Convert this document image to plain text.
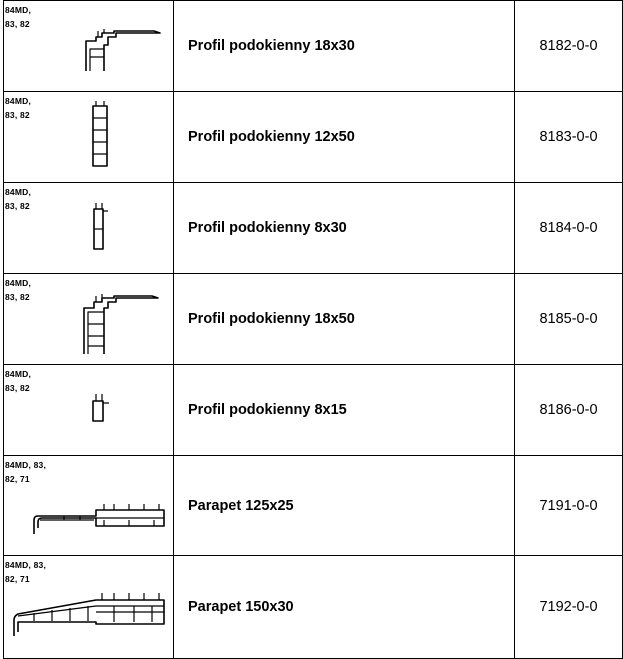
84MD,
83, 82	Profil podokienny 18x30	8182-0-0

84MD,
83, 82	Profil podokienny 12x50	8183-0-0

84MD,
83, 82	Profil podokienny 8x30	8184-0-0

84MD,
83, 82	Profil podokienny 18x50	8185-0-0

84MD,
83, 82	Profil podokienny 8x15	8186-0-0

84MD, 83,
82, 71	Parapet 125x25	7191-0-0

84MD, 83,
82, 71	Parapet 150x30	7192-0-0
